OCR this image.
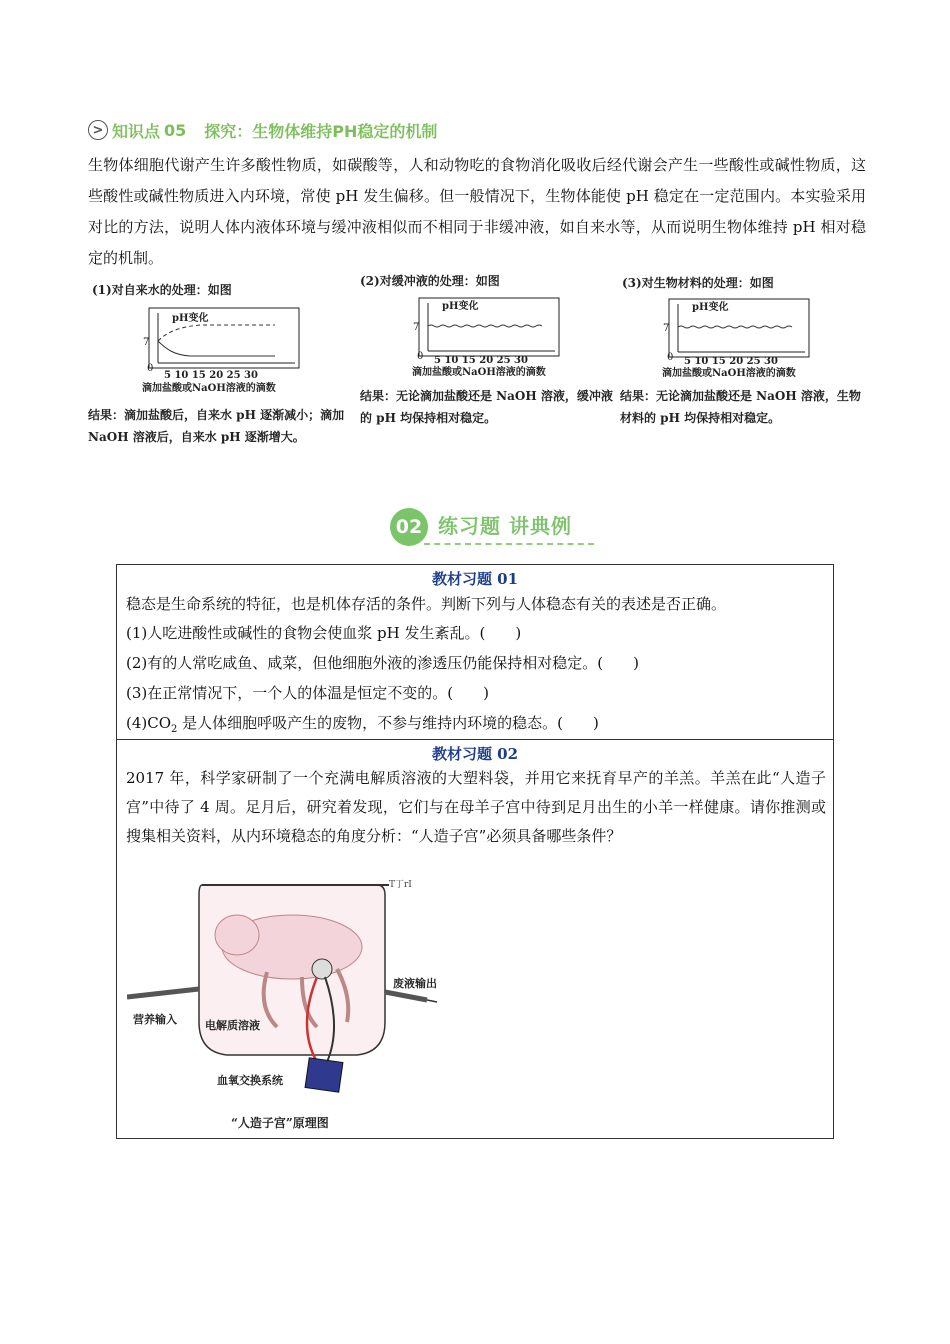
> 知识点 05 探究：生物体维持PH稳定的机制
生物体细胞代谢产生许多酸性物质，如碳酸等，人和动物吃的食物消化吸收后经代谢会产生一些酸性或碱性物质，这些酸性或碱性物质进入内环境，常使 pH 发生偏移。但一般情况下，生物体能使 pH 稳定在一定范围内。本实验采用对比的方法，说明人体内液体环境与缓冲液相似而不相同于非缓冲液，如自来水等，从而说明生物体维持 pH 相对稳定的机制。
(1)对自来水的处理：如图
pH变化
7
0
5 10 15 20 25 30
滴加盐酸或NaOH溶液的滴数
结果：滴加盐酸后，自来水 pH 逐渐减小；滴加
NaOH 溶液后，自来水 pH 逐渐增大。
(2)对缓冲液的处理：如图
pH变化
7
0 5 10 15 20 25 30
滴加盐酸或NaOH溶液的滴数
结果：无论滴加盐酸还是 NaOH 溶液，缓冲液
的 pH 均保持相对稳定。
(3)对生物材料的处理：如图
pH变化
7
0 5 10 15 20 25 30
滴加盐酸或NaOH溶液的滴数
结果：无论滴加盐酸还是 NaOH 溶液，生物
材料的 pH 均保持相对稳定。
02 练习题 讲典例
教材习题 01
稳态是生命系统的特征，也是机体存活的条件。判断下列与人体稳态有关的表述是否正确。
(1)人吃进酸性或碱性的食物会使血浆 pH 发生紊乱。(　　)
(2)有的人常吃咸鱼、咸菜，但他细胞外液的渗透压仍能保持相对稳定。(　　)
(3)在正常情况下，一个人的体温是恒定不变的。(　　)
$(4)CO_2$ 是人体细胞呼吸产生的废物，不参与维持内环境的稳态。(　　)
教材习题 02
2017 年，科学家研制了一个充满电解质溶液的大塑料袋，并用它来抚育早产的羊羔。羊羔在此“人造子宫”中待了 4 周。足月后，研究着发现，它们与在母羊子宫中待到足月出生的小羊一样健康。请你推测或搜集相关资料，从内环境稳态的角度分析：“人造子宫”必须具备哪些条件？
T丁rI
营养输入	电解质溶液
废液输出
血氧交换系统
“人造子宫”原理图
